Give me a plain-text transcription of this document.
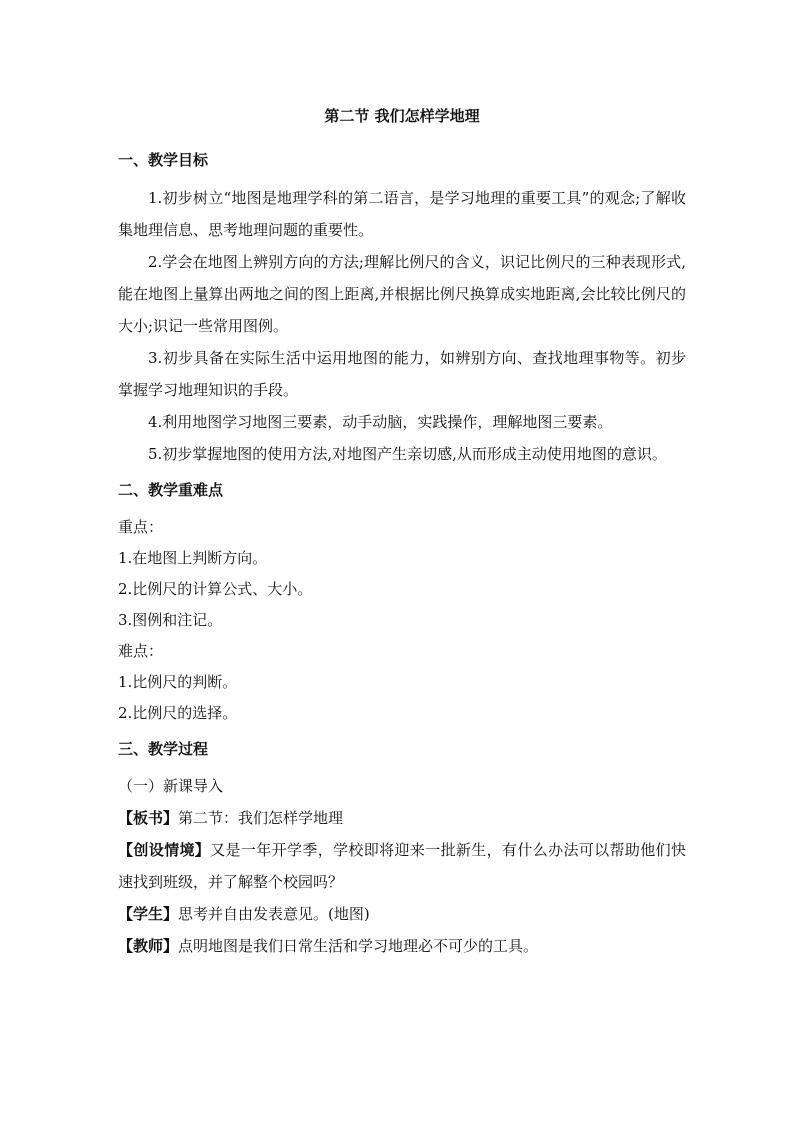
第二节 我们怎样学地理
一、教学目标

1.初步树立“地图是地理学科的第二语言，是学习地理的重要工具”的观念;了解收集地理信息、思考地理问题的重要性。

2.学会在地图上辨别方向的方法;理解比例尺的含义，识记比例尺的三种表现形式,能在地图上量算出两地之间的图上距离,并根据比例尺换算成实地距离,会比较比例尺的大小;识记一些常用图例。

3.初步具备在实际生活中运用地图的能力，如辨别方向、查找地理事物等。初步掌握学习地理知识的手段。

4.利用地图学习地图三要素，动手动脑，实践操作，理解地图三要素。

5.初步掌握地图的使用方法,对地图产生亲切感,从而形成主动使用地图的意识。

二、教学重难点

重点：

1.在地图上判断方向。

2.比例尺的计算公式、大小。

3.图例和注记。

难点：

1.比例尺的判断。

2.比例尺的选择。

三、教学过程

（一）新课导入

【板书】第二节：我们怎样学地理

【创设情境】又是一年开学季，学校即将迎来一批新生，有什么办法可以帮助他们快速找到班级，并了解整个校园吗？

【学生】思考并自由发表意见。(地图)

【教师】点明地图是我们日常生活和学习地理必不可少的工具。
